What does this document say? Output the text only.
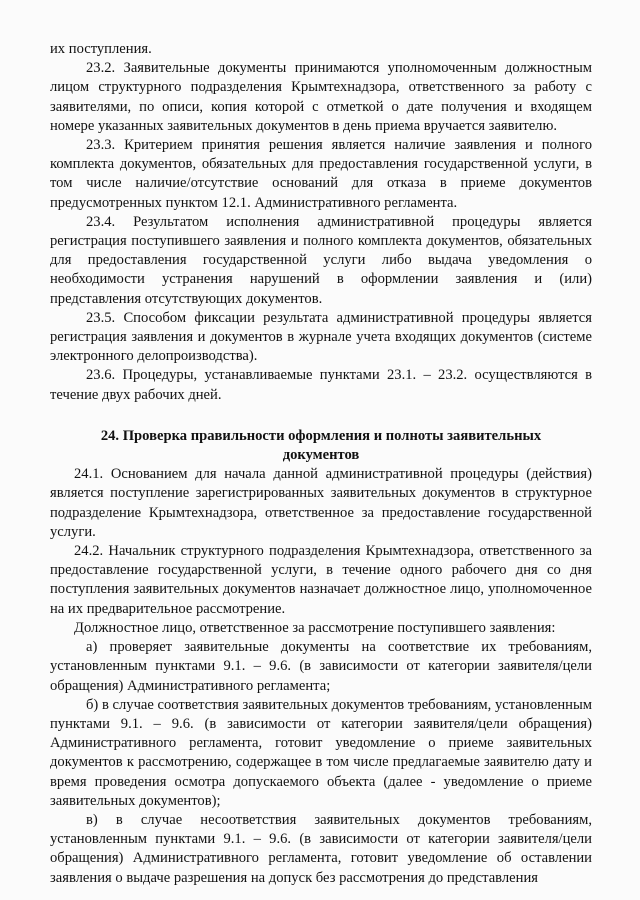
их поступления.

23.2. Заявительные документы принимаются уполномоченным должностным лицом структурного подразделения Крымтехнадзора, ответственного за работу с заявителями, по описи, копия которой с отметкой о дате получения и входящем номере указанных заявительных документов в день приема вручается заявителю.

23.3. Критерием принятия решения является наличие заявления и полного комплекта документов, обязательных для предоставления государственной услуги, в том числе наличие/отсутствие оснований для отказа в приеме документов предусмотренных пунктом 12.1. Административного регламента.

23.4. Результатом исполнения административной процедуры является регистрация поступившего заявления и полного комплекта документов, обязательных для предоставления государственной услуги либо выдача уведомления о необходимости устранения нарушений в оформлении заявления и (или) представления отсутствующих документов.

23.5. Способом фиксации результата административной процедуры является регистрация заявления и документов в журнале учета входящих документов (системе электронного делопроизводства).

23.6. Процедуры, устанавливаемые пунктами 23.1. – 23.2. осуществляются в течение двух рабочих дней.

24. Проверка правильности оформления и полноты заявительных документов

24.1. Основанием для начала данной административной процедуры (действия) является поступление зарегистрированных заявительных документов в структурное подразделение Крымтехнадзора, ответственное за предоставление государственной услуги.

24.2. Начальник структурного подразделения Крымтехнадзора, ответственного за предоставление государственной услуги, в течение одного рабочего дня со дня поступления заявительных документов назначает должностное лицо, уполномоченное на их предварительное рассмотрение.

Должностное лицо, ответственное за рассмотрение поступившего заявления:

а) проверяет заявительные документы на соответствие их требованиям, установленным пунктами 9.1. – 9.6. (в зависимости от категории заявителя/цели обращения) Административного регламента;

б) в случае соответствия заявительных документов требованиям, установленным пунктами 9.1. – 9.6. (в зависимости от категории заявителя/цели обращения) Административного регламента, готовит уведомление о приеме заявительных документов к рассмотрению, содержащее в том числе предлагаемые заявителю дату и время проведения осмотра допускаемого объекта (далее - уведомление о приеме заявительных документов);

в) в случае несоответствия заявительных документов требованиям, установленным пунктами 9.1. – 9.6. (в зависимости от категории заявителя/цели обращения) Административного регламента, готовит уведомление об оставлении заявления о выдаче разрешения на допуск без рассмотрения до представления
